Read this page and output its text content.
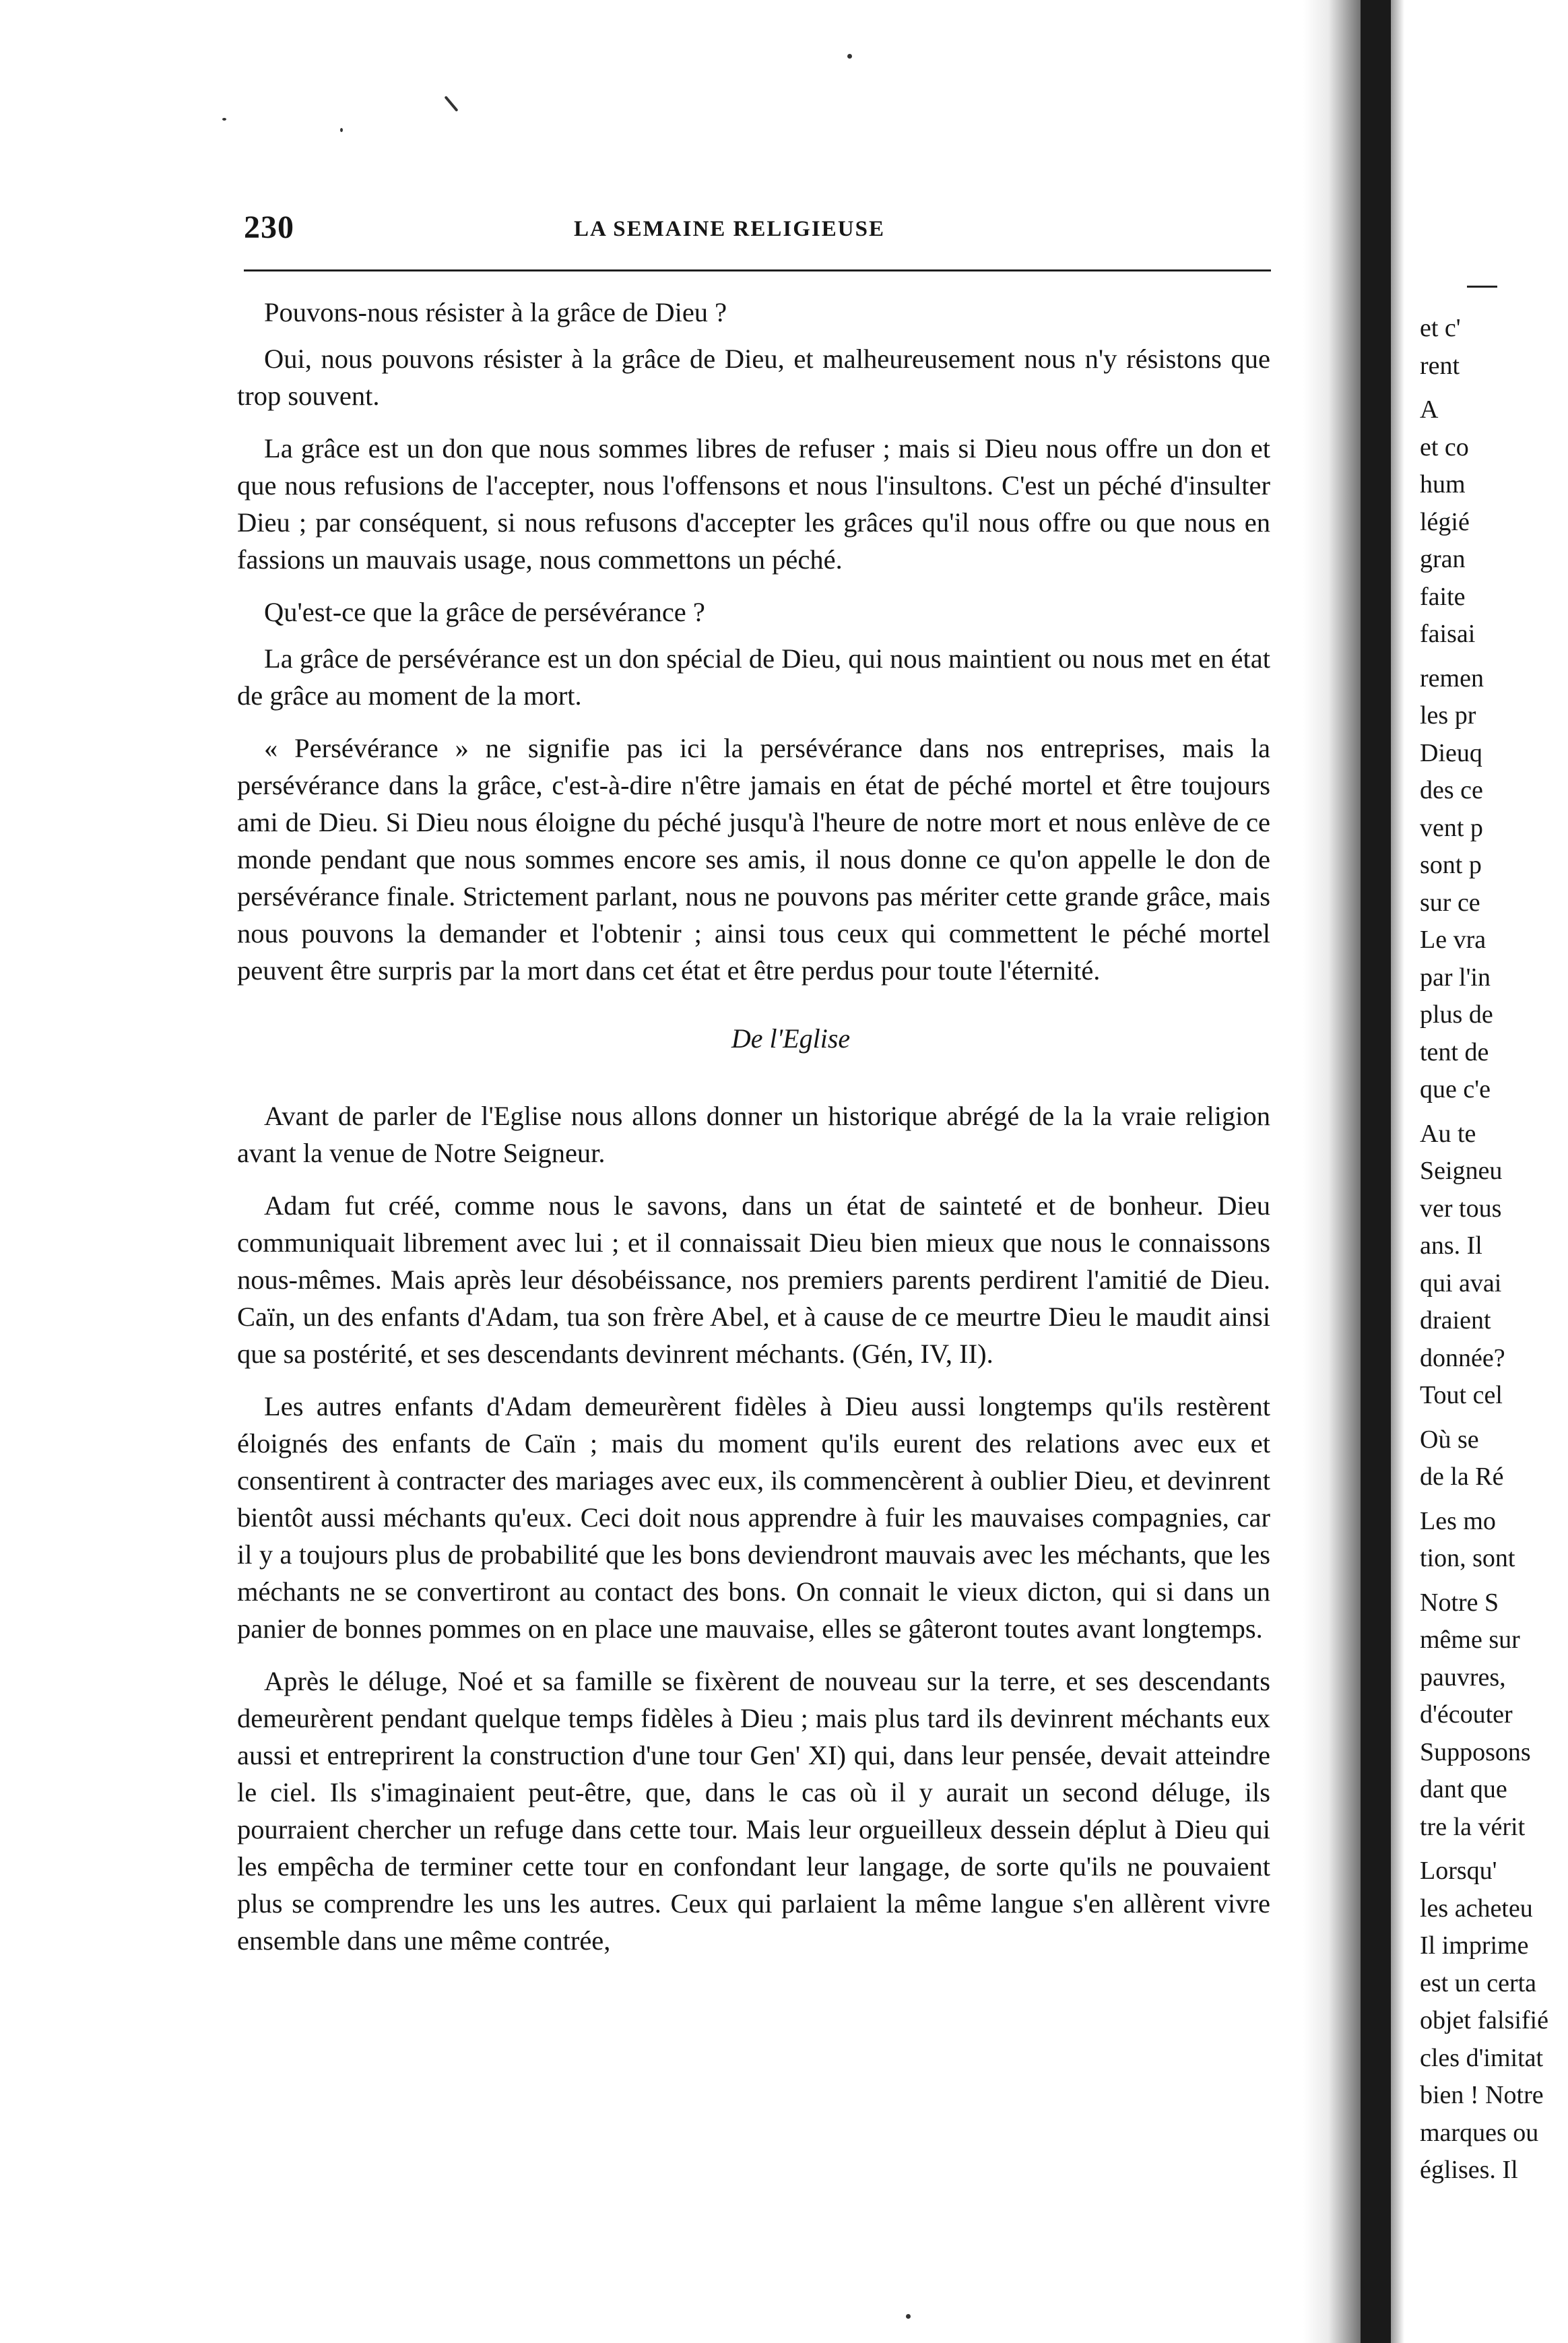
230	LA SEMAINE RELIGIEUSE

Pouvons-nous résister à la grâce de Dieu ?

Oui, nous pouvons résister à la grâce de Dieu, et malheureusement nous n'y résistons que trop souvent.

La grâce est un don que nous sommes libres de refuser ; mais si Dieu nous offre un don et que nous refusions de l'accepter, nous l'offensons et nous l'insultons. C'est un péché d'insulter Dieu ; par conséquent, si nous refusons d'accepter les grâces qu'il nous offre ou que nous en fassions un mauvais usage, nous commettons un péché.

Qu'est-ce que la grâce de persévérance ?

La grâce de persévérance est un don spécial de Dieu, qui nous maintient ou nous met en état de grâce au moment de la mort.

« Persévérance » ne signifie pas ici la persévérance dans nos entreprises, mais la persévérance dans la grâce, c'est-à-dire n'être jamais en état de péché mortel et être toujours ami de Dieu. Si Dieu nous éloigne du péché jusqu'à l'heure de notre mort et nous enlève de ce monde pendant que nous sommes encore ses amis, il nous donne ce qu'on appelle le don de persévérance finale. Strictement parlant, nous ne pouvons pas mériter cette grande grâce, mais nous pouvons la demander et l'obtenir ; ainsi tous ceux qui commettent le péché mortel peuvent être surpris par la mort dans cet état et être perdus pour toute l'éternité.

De l'Eglise

Avant de parler de l'Eglise nous allons donner un historique abrégé de la la vraie religion avant la venue de Notre Seigneur.

Adam fut créé, comme nous le savons, dans un état de sainteté et de bonheur. Dieu communiquait librement avec lui ; et il connaissait Dieu bien mieux que nous le connaissons nous-mêmes. Mais après leur désobéissance, nos premiers parents perdirent l'amitié de Dieu. Caïn, un des enfants d'Adam, tua son frère Abel, et à cause de ce meurtre Dieu le maudit ainsi que sa postérité, et ses descendants devinrent méchants. (Gén, IV, II).

Les autres enfants d'Adam demeurèrent fidèles à Dieu aussi longtemps qu'ils restèrent éloignés des enfants de Caïn ; mais du moment qu'ils eurent des relations avec eux et consentirent à contracter des mariages avec eux, ils commencèrent à oublier Dieu, et devinrent bientôt aussi méchants qu'eux. Ceci doit nous apprendre à fuir les mauvaises compagnies, car il y a toujours plus de probabilité que les bons deviendront mauvais avec les méchants, que les méchants ne se convertiront au contact des bons. On connait le vieux dicton, qui si dans un panier de bonnes pommes on en place une mauvaise, elles se gâteront toutes avant longtemps.

Après le déluge, Noé et sa famille se fixèrent de nouveau sur la terre, et ses descendants demeurèrent pendant quelque temps fidèles à Dieu ; mais plus tard ils devinrent méchants eux aussi et entreprirent la construction d'une tour Gen' XI) qui, dans leur pensée, devait atteindre le ciel. Ils s'imaginaient peut-être, que, dans le cas où il y aurait un second déluge, ils pourraient chercher un refuge dans cette tour. Mais leur orgueilleux dessein déplut à Dieu qui les empêcha de terminer cette tour en confondant leur langage, de sorte qu'ils ne pouvaient plus se comprendre les uns les autres. Ceux qui parlaient la même langue s'en allèrent vivre ensemble dans une même contrée,

et c'
rent
A
et co
hum
légié
gran
faite
faisai
remen
les pr
Dieuq
des ce
vent p
sont p
sur ce
Le vra
par l'in
plus de
tent de
que c'e
Au te
Seigneu
ver tous
ans. Il
qui avai
draient
donnée?
Tout cel
Où se
de la Ré
Les mo
tion, sont
Notre S
même sur
pauvres,
d'écouter
Supposons
dant que
tre la vérit
Lorsqu'
les acheteu
Il imprime
est un certa
objet falsifié
cles d'imitat
bien ! Notre
marques ou
églises. Il
